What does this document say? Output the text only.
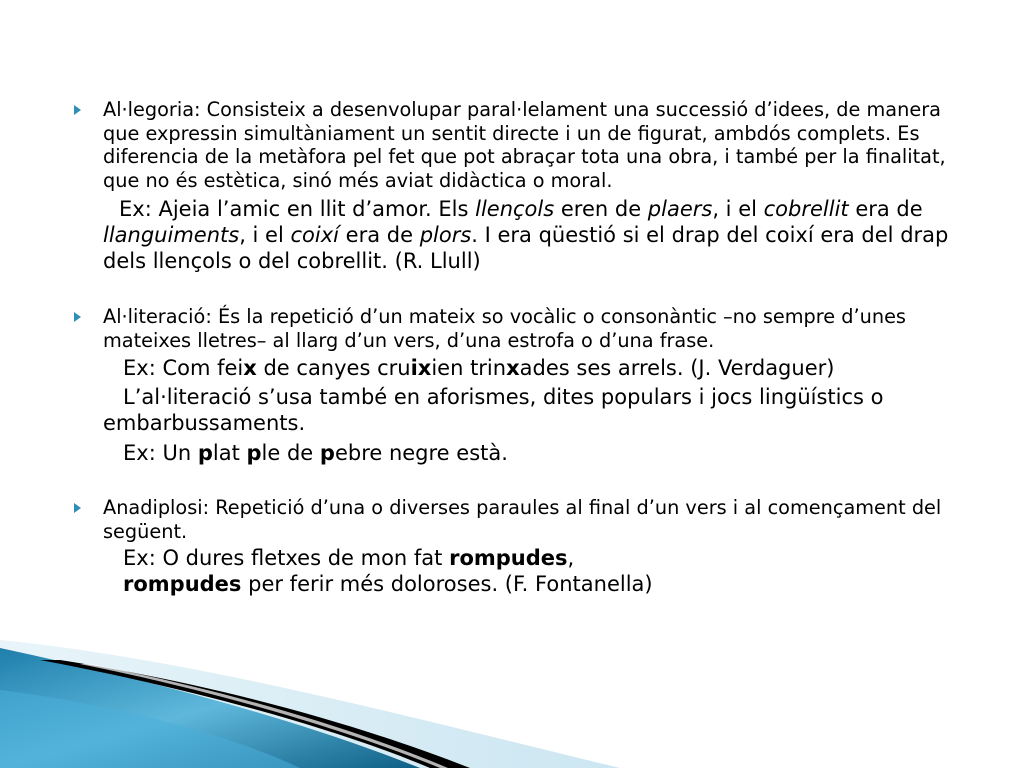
Al·legoria: Consisteix a desenvolupar paral·lelament una successió d’idees, de manera que expressin simultàniament un sentit directe i un de figurat, ambdós complets. Es diferencia de la metàfora pel fet que pot abraçar tota una obra, i també per la finalitat, que no és estètica, sinó més aviat didàctica o moral.

Ex: Ajeia l’amic en llit d’amor. Els llençols eren de plaers, i el cobrellit era de llanguiments, i el coixí era de plors. I era qüestió si el drap del coixí era del drap dels llençols o del cobrellit. (R. Llull)

Al·literació: És la repetició d’un mateix so vocàlic o consonàntic –no sempre d’unes mateixes lletres– al llarg d’un vers, d’una estrofa o d’una frase.

Ex: Com feix de canyes cruixien trinxades ses arrels. (J. Verdaguer)

L’al·literació s’usa també en aforismes, dites populars i jocs lingüístics o embarbussaments.

Ex: Un plat ple de pebre negre està.

Anadiplosi: Repetició d’una o diverses paraules al final d’un vers i al començament del següent.

Ex: O dures fletxes de mon fat rompudes,

rompudes per ferir més doloroses. (F. Fontanella)
